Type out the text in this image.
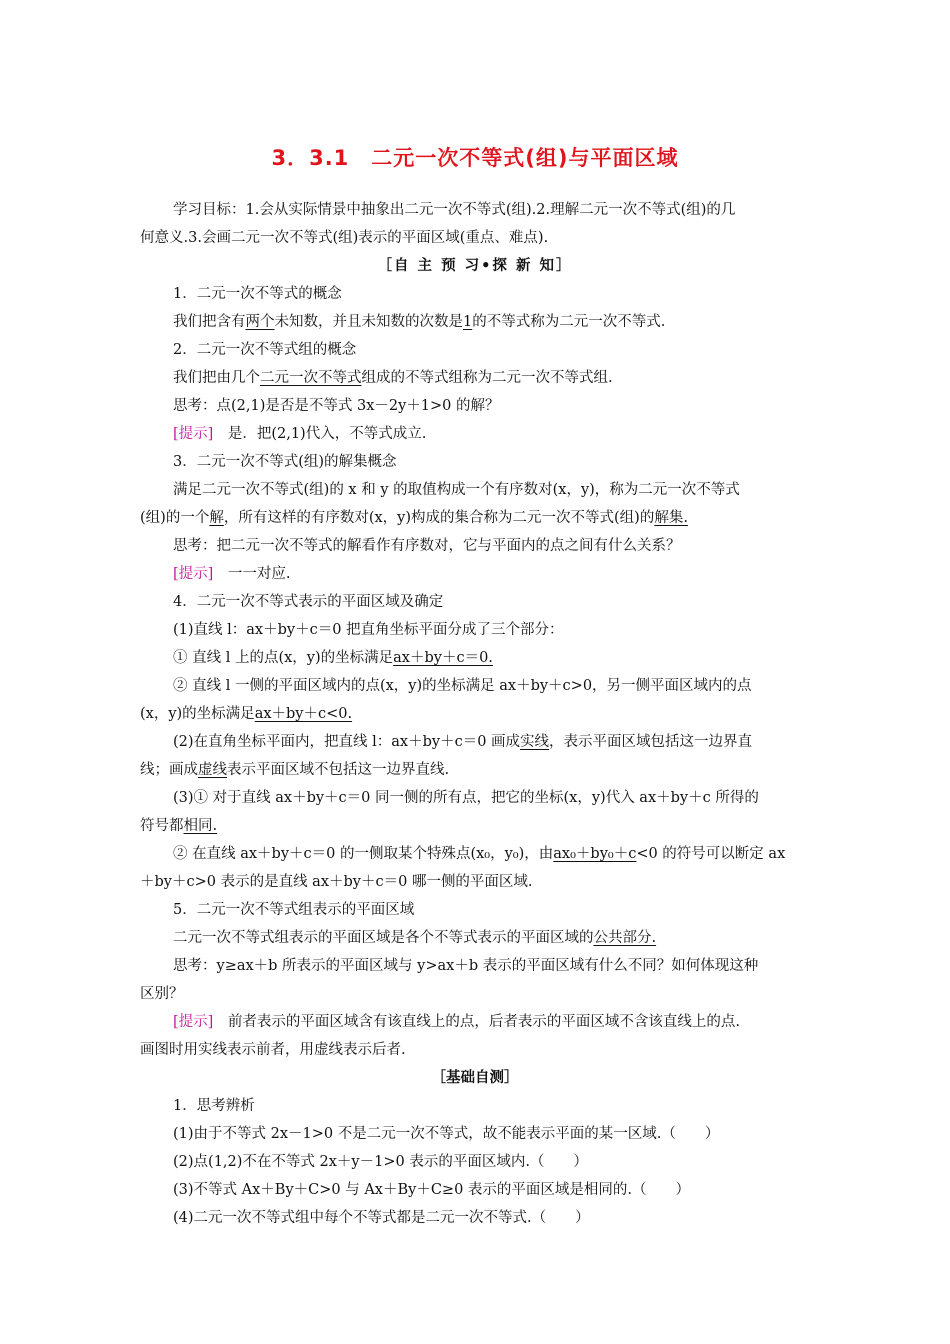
3．3.1　二元一次不等式(组)与平面区域
学习目标：1.会从实际情景中抽象出二元一次不等式(组).2.理解二元一次不等式(组)的几
何意义.3.会画二元一次不等式(组)表示的平面区域(重点、难点).
［自 主 预 习•探 新 知］
1．二元一次不等式的概念
我们把含有两个未知数，并且未知数的次数是1的不等式称为二元一次不等式.
2．二元一次不等式组的概念
我们把由几个二元一次不等式组成的不等式组称为二元一次不等式组.
思考：点(2,1)是否是不等式 3x－2y＋1>0 的解？
[提示]　 是．把(2,1)代入，不等式成立.
3．二元一次不等式(组)的解集概念
满足二元一次不等式(组)的 x 和 y 的取值构成一个有序数对(x，y)，称为二元一次不等式
(组)的一个解，所有这样的有序数对(x，y)构成的集合称为二元一次不等式(组)的解集.
思考：把二元一次不等式的解看作有序数对，它与平面内的点之间有什么关系？
[提示]　 一一对应.
4．二元一次不等式表示的平面区域及确定
(1)直线 l：ax＋by＋c＝0 把直角坐标平面分成了三个部分：
① 直线 l 上的点(x，y)的坐标满足ax＋by＋c＝0.
② 直线 l 一侧的平面区域内的点(x，y)的坐标满足 ax＋by＋c>0，另一侧平面区域内的点
(x，y)的坐标满足ax＋by＋c<0.
(2)在直角坐标平面内，把直线 l：ax＋by＋c＝0 画成实线，表示平面区域包括这一边界直
线；画成虚线表示平面区域不包括这一边界直线.
(3)① 对于直线 ax＋by＋c＝0 同一侧的所有点，把它的坐标(x，y)代入 ax＋by＋c 所得的
符号都相同.
② 在直线 ax＋by＋c＝0 的一侧取某个特殊点(x₀，y₀)，由ax₀＋by₀＋c<0 的符号可以断定 ax
＋by＋c>0 表示的是直线 ax＋by＋c＝0 哪一侧的平面区域.
5．二元一次不等式组表示的平面区域
二元一次不等式组表示的平面区域是各个不等式表示的平面区域的公共部分.
思考：y≥ax＋b 所表示的平面区域与 y>ax＋b 表示的平面区域有什么不同？如何体现这种
区别？
[提示]　 前者表示的平面区域含有该直线上的点，后者表示的平面区域不含该直线上的点.
画图时用实线表示前者，用虚线表示后者.
［基础自测］
1．思考辨析
(1)由于不等式 2x－1>0 不是二元一次不等式，故不能表示平面的某一区域.（　　）
(2)点(1,2)不在不等式 2x＋y－1>0 表示的平面区域内.（　　）
(3)不等式 Ax＋By＋C>0 与 Ax＋By＋C≥0 表示的平面区域是相同的.（　　）
(4)二元一次不等式组中每个不等式都是二元一次不等式.（　　）
